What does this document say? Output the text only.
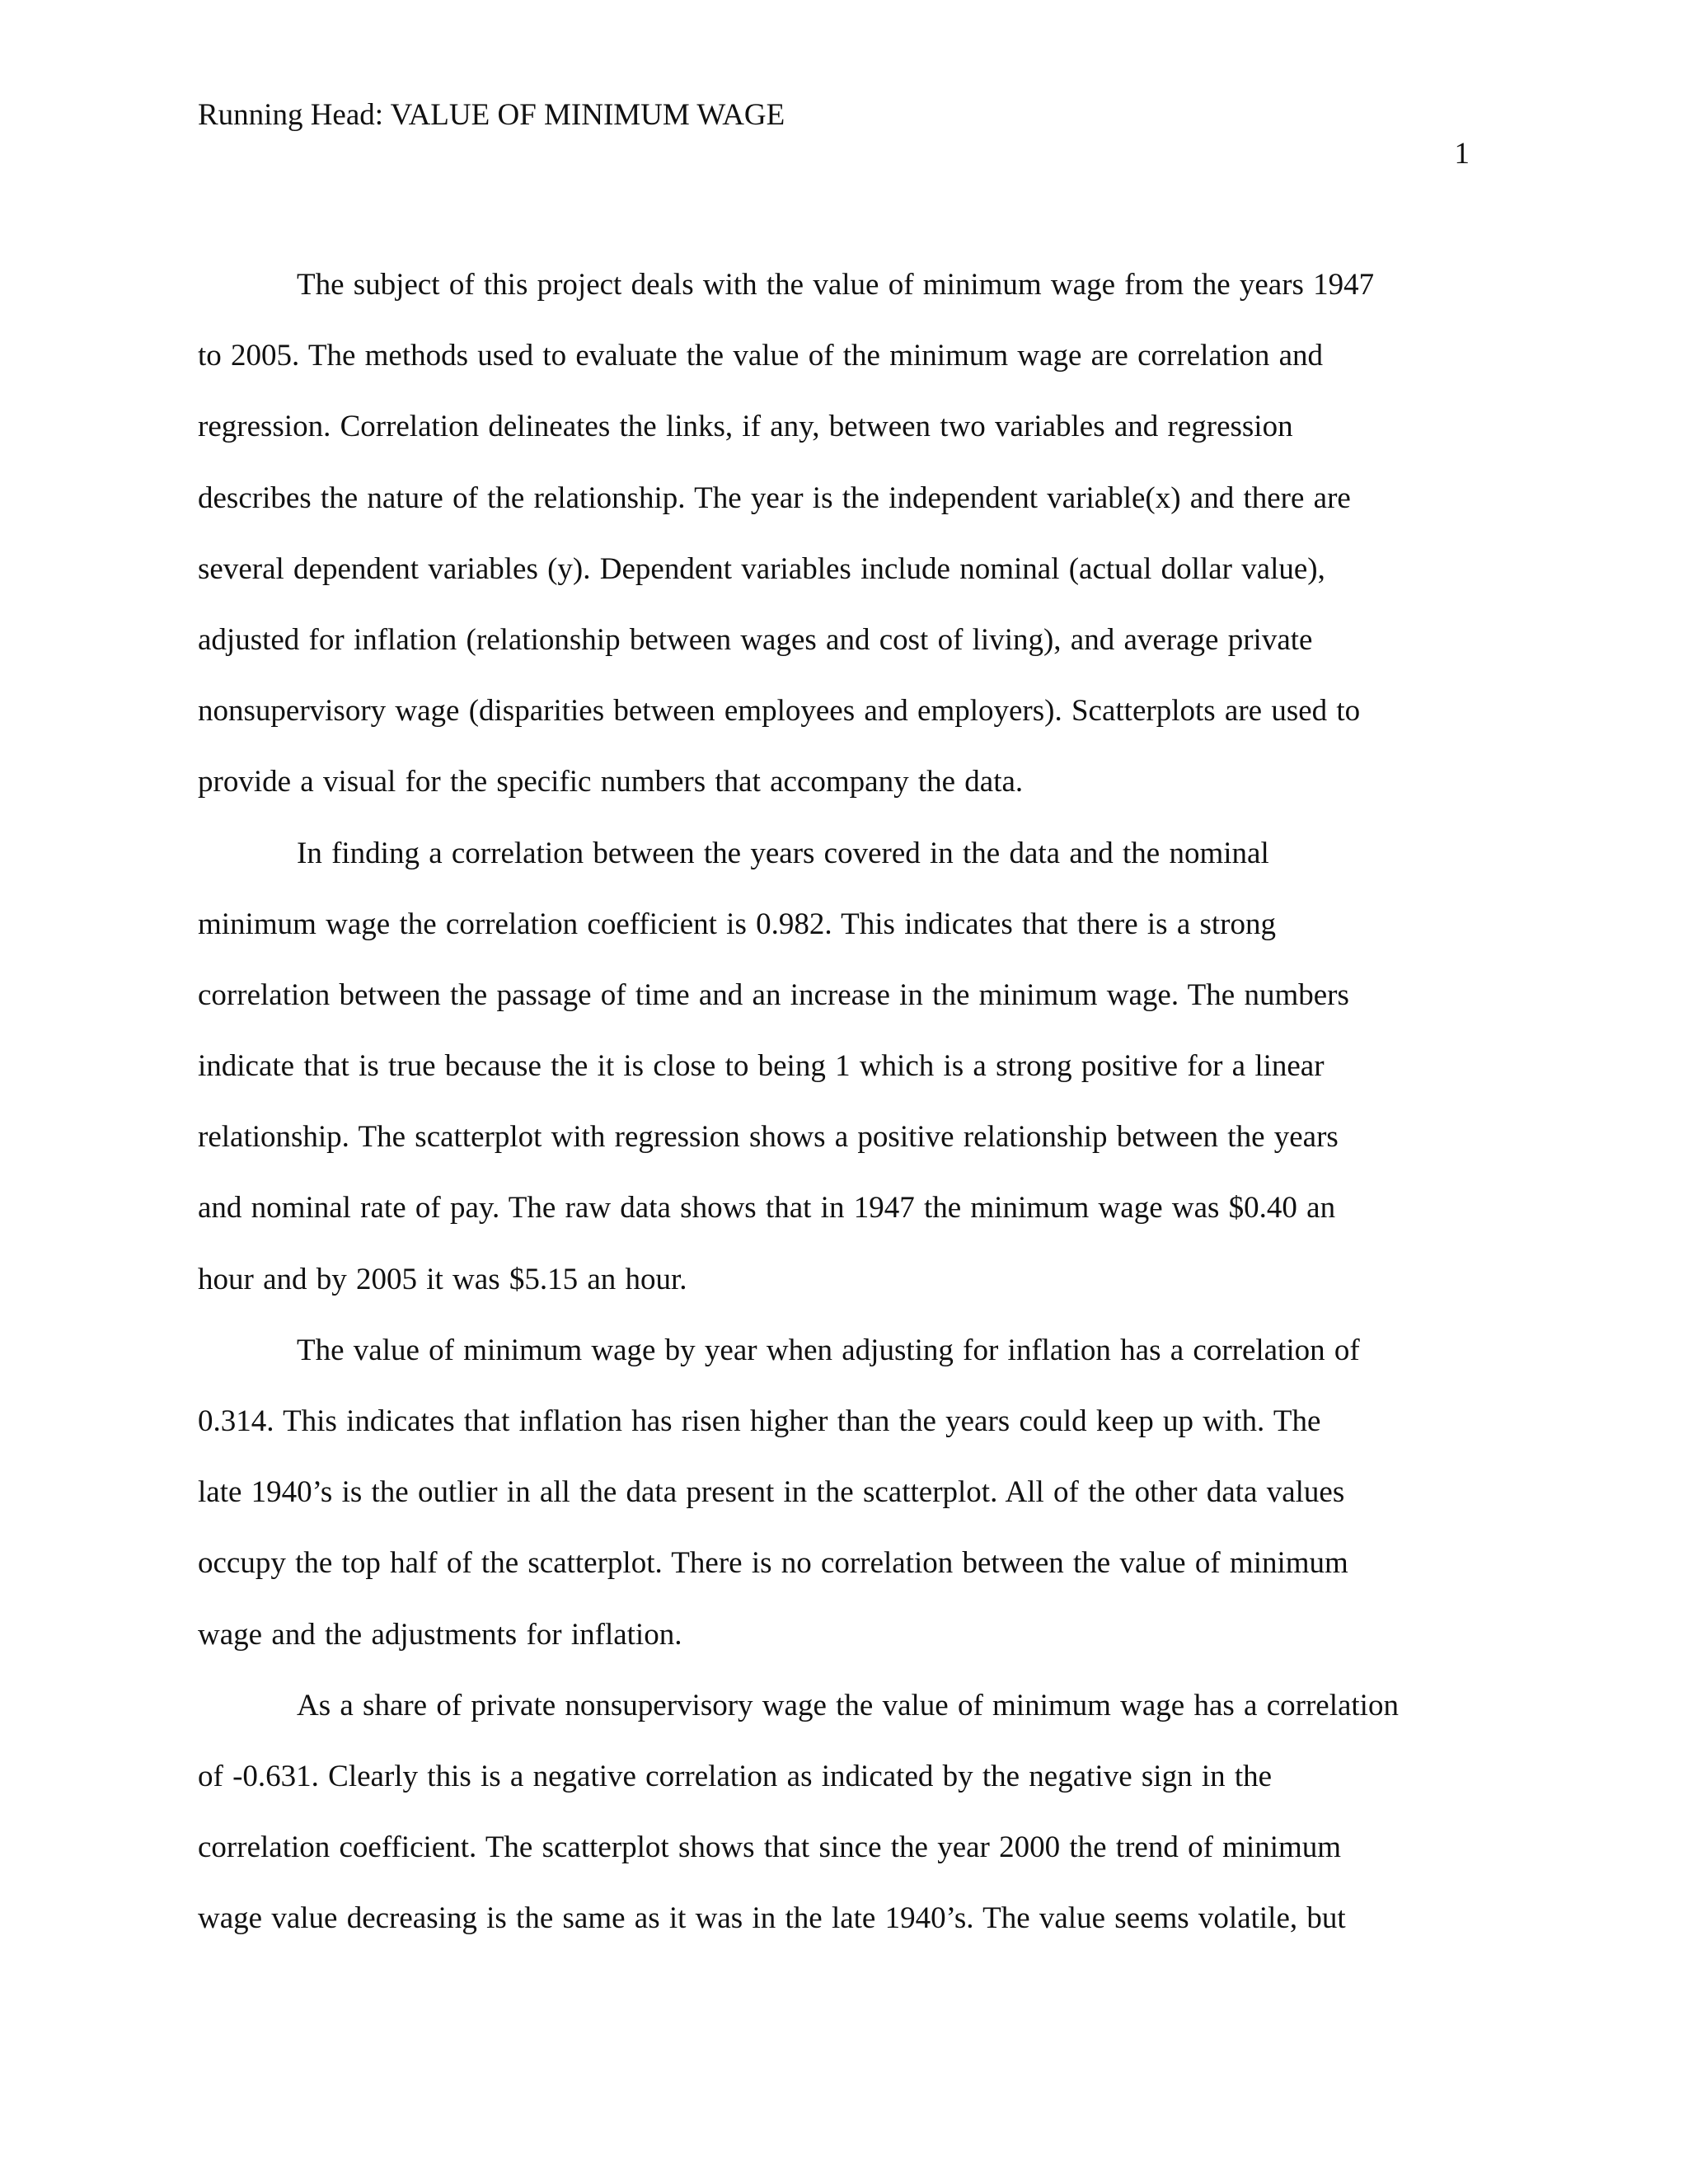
Running Head: VALUE OF MINIMUM WAGE
1
The subject of this project deals with the value of minimum wage from the years 1947
to 2005. The methods used to evaluate the value of the minimum wage are correlation and
regression. Correlation delineates the links, if any, between two variables and regression
describes the nature of the relationship. The year is the independent variable(x) and there are
several dependent variables (y). Dependent variables include nominal (actual dollar value),
adjusted for inflation (relationship between wages and cost of living), and average private
nonsupervisory wage (disparities between employees and employers). Scatterplots are used to
provide a visual for the specific numbers that accompany the data.
In finding a correlation between the years covered in the data and the nominal
minimum wage the correlation coefficient is 0.982. This indicates that there is a strong
correlation between the passage of time and an increase in the minimum wage. The numbers
indicate that is true because the it is close to being 1 which is a strong positive for a linear
relationship. The scatterplot with regression shows a positive relationship between the years
and nominal rate of pay. The raw data shows that in 1947 the minimum wage was $0.40 an
hour and by 2005 it was $5.15 an hour.
The value of minimum wage by year when adjusting for inflation has a correlation of
0.314. This indicates that inflation has risen higher than the years could keep up with. The
late 1940’s is the outlier in all the data present in the scatterplot. All of the other data values
occupy the top half of the scatterplot. There is no correlation between the value of minimum
wage and the adjustments for inflation.
As a share of private nonsupervisory wage the value of minimum wage has a correlation
of -0.631. Clearly this is a negative correlation as indicated by the negative sign in the
correlation coefficient. The scatterplot shows that since the year 2000 the trend of minimum
wage value decreasing is the same as it was in the late 1940’s. The value seems volatile, but
